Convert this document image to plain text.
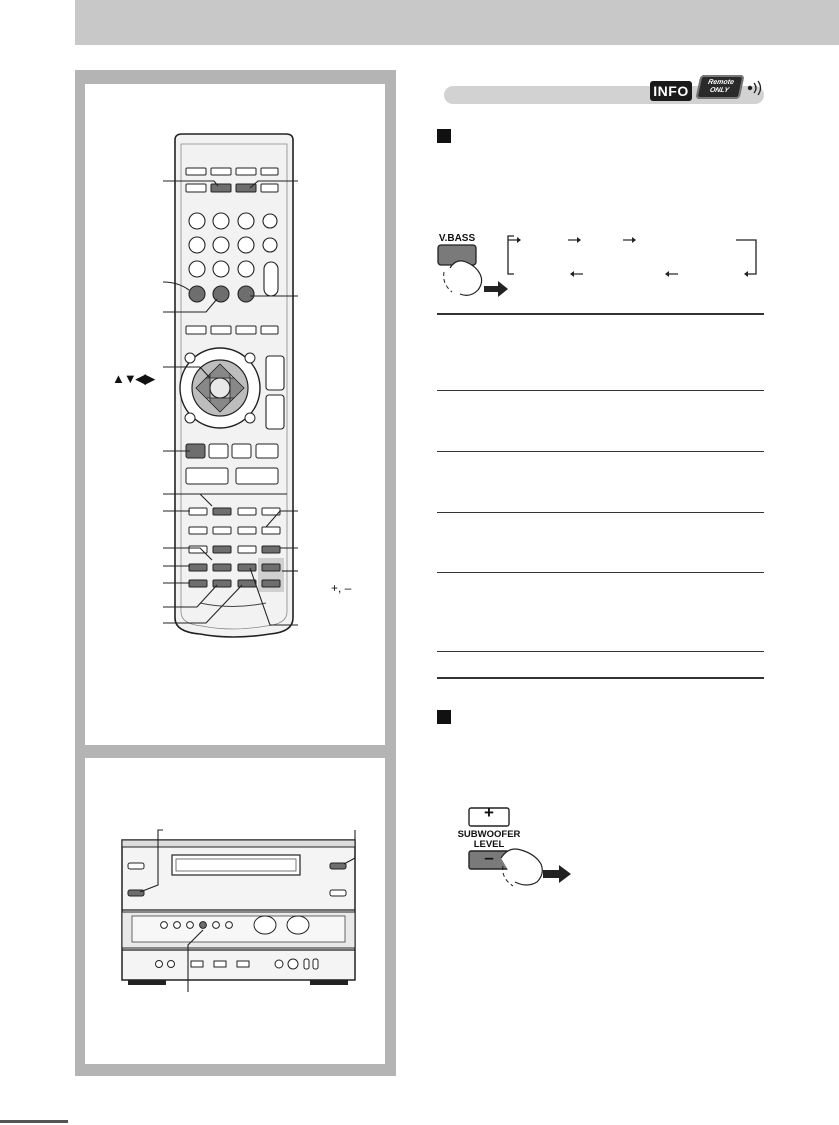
▲▼◀▶
+, –
INFO
Remote
ONLY
V.BASS
+
SUBWOOFER
LEVEL
–
